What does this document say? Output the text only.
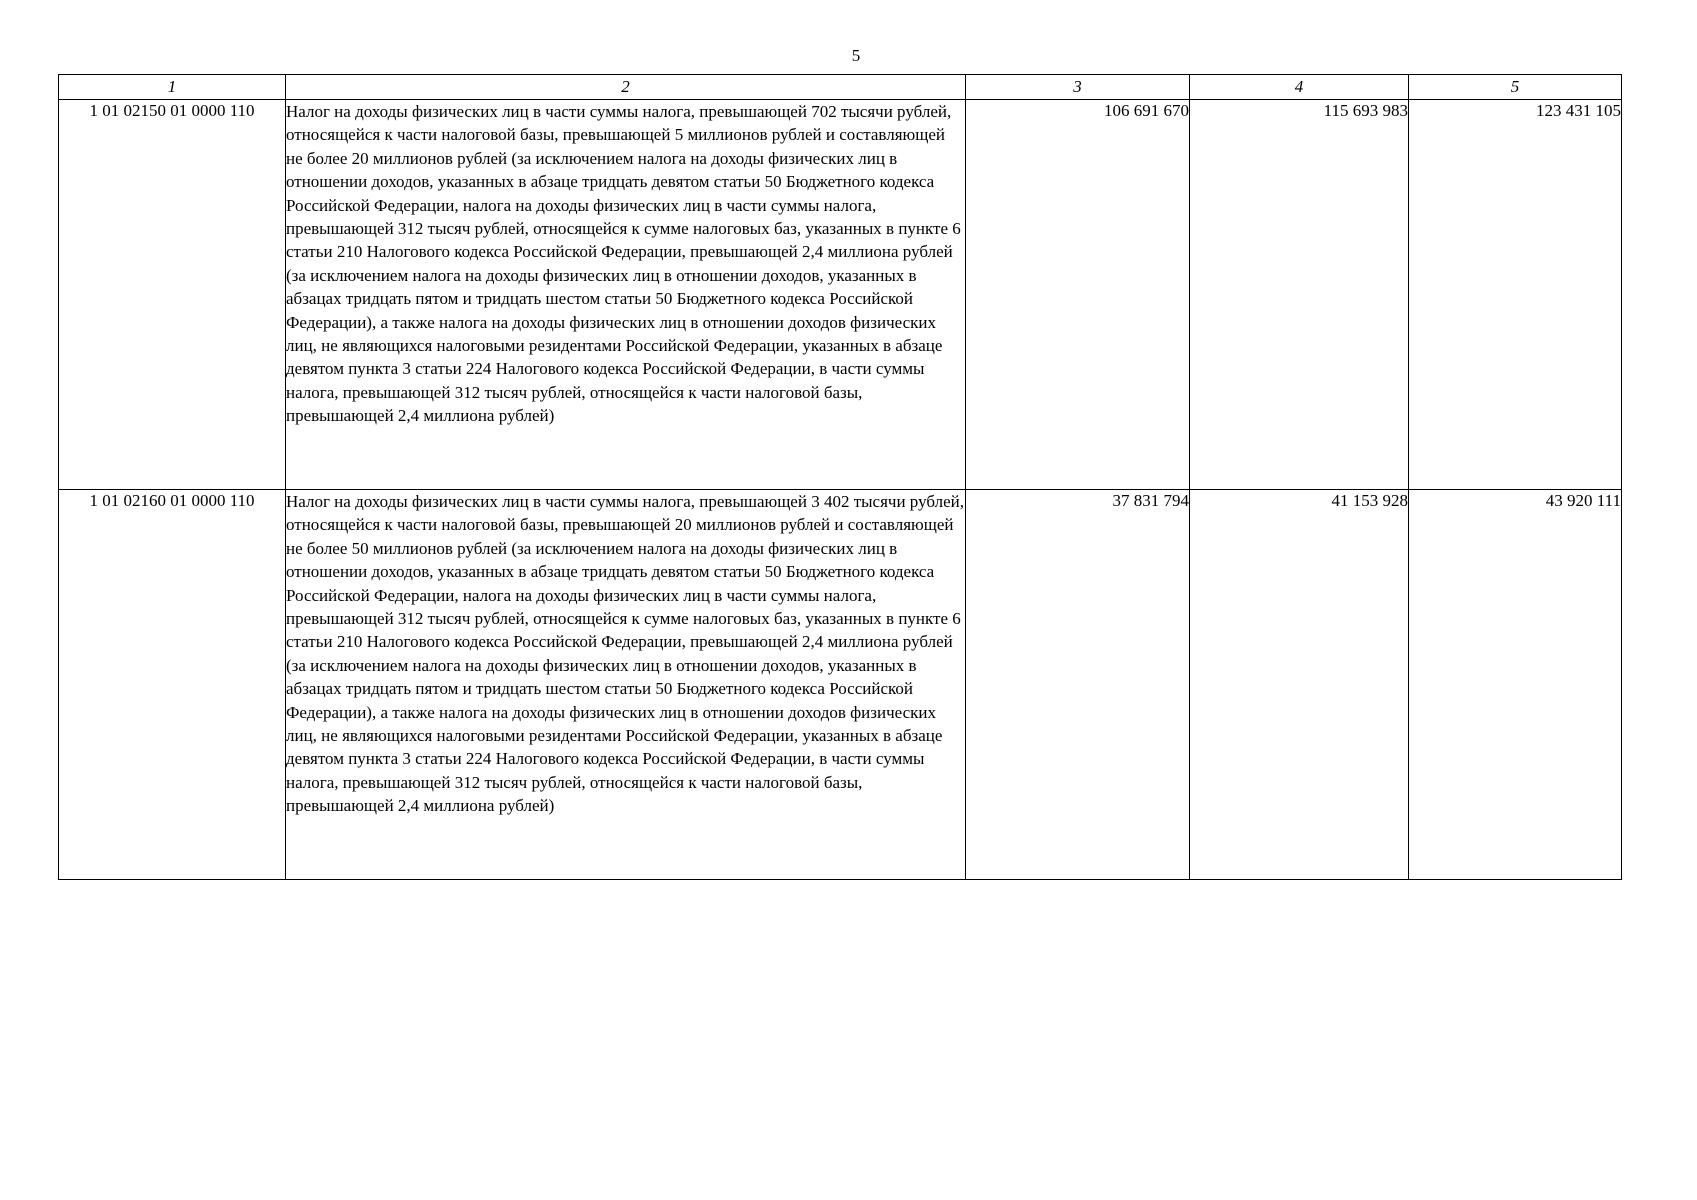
5
1	2	3	4	5
1 01 02150 01 0000 110	Налог на доходы физических лиц в части суммы налога, превышающей 702 тысячи рублей, относящейся к части налоговой базы, превышающей 5 миллионов рублей и составляющей не более 20 миллионов рублей (за исключением налога на доходы физических лиц в отношении доходов, указанных в абзаце тридцать девятом статьи 50 Бюджетного кодекса Российской Федерации, налога на доходы физических лиц в части суммы налога, превышающей 312 тысяч рублей, относящейся к сумме налоговых баз, указанных в пункте 6 статьи 210 Налогового кодекса Российской Федерации, превышающей 2,4 миллиона рублей (за исключением налога на доходы физических лиц в отношении доходов, указанных в абзацах тридцать пятом и тридцать шестом статьи 50 Бюджетного кодекса Российской Федерации), а также налога на доходы физических лиц в отношении доходов физических лиц, не являющихся налоговыми резидентами Российской Федерации, указанных в абзаце девятом пункта 3 статьи 224 Налогового кодекса Российской Федерации, в части суммы налога, превышающей 312 тысяч рублей, относящейся к части налоговой базы, превышающей 2,4 миллиона рублей)	106 691 670	115 693 983	123 431 105
1 01 02160 01 0000 110	Налог на доходы физических лиц в части суммы налога, превышающей 3 402 тысячи рублей, относящейся к части налоговой базы, превышающей 20 миллионов рублей и составляющей не более 50 миллионов рублей (за исключением налога на доходы физических лиц в отношении доходов, указанных в абзаце тридцать девятом статьи 50 Бюджетного кодекса Российской Федерации, налога на доходы физических лиц в части суммы налога, превышающей 312 тысяч рублей, относящейся к сумме налоговых баз, указанных в пункте 6 статьи 210 Налогового кодекса Российской Федерации, превышающей 2,4 миллиона рублей (за исключением налога на доходы физических лиц в отношении доходов, указанных в абзацах тридцать пятом и тридцать шестом статьи 50 Бюджетного кодекса Российской Федерации), а также налога на доходы физических лиц в отношении доходов физических лиц, не являющихся налоговыми резидентами Российской Федерации, указанных в абзаце девятом пункта 3 статьи 224 Налогового кодекса Российской Федерации, в части суммы налога, превышающей 312 тысяч рублей, относящейся к части налоговой базы, превышающей 2,4 миллиона рублей)	37 831 794	41 153 928	43 920 111
